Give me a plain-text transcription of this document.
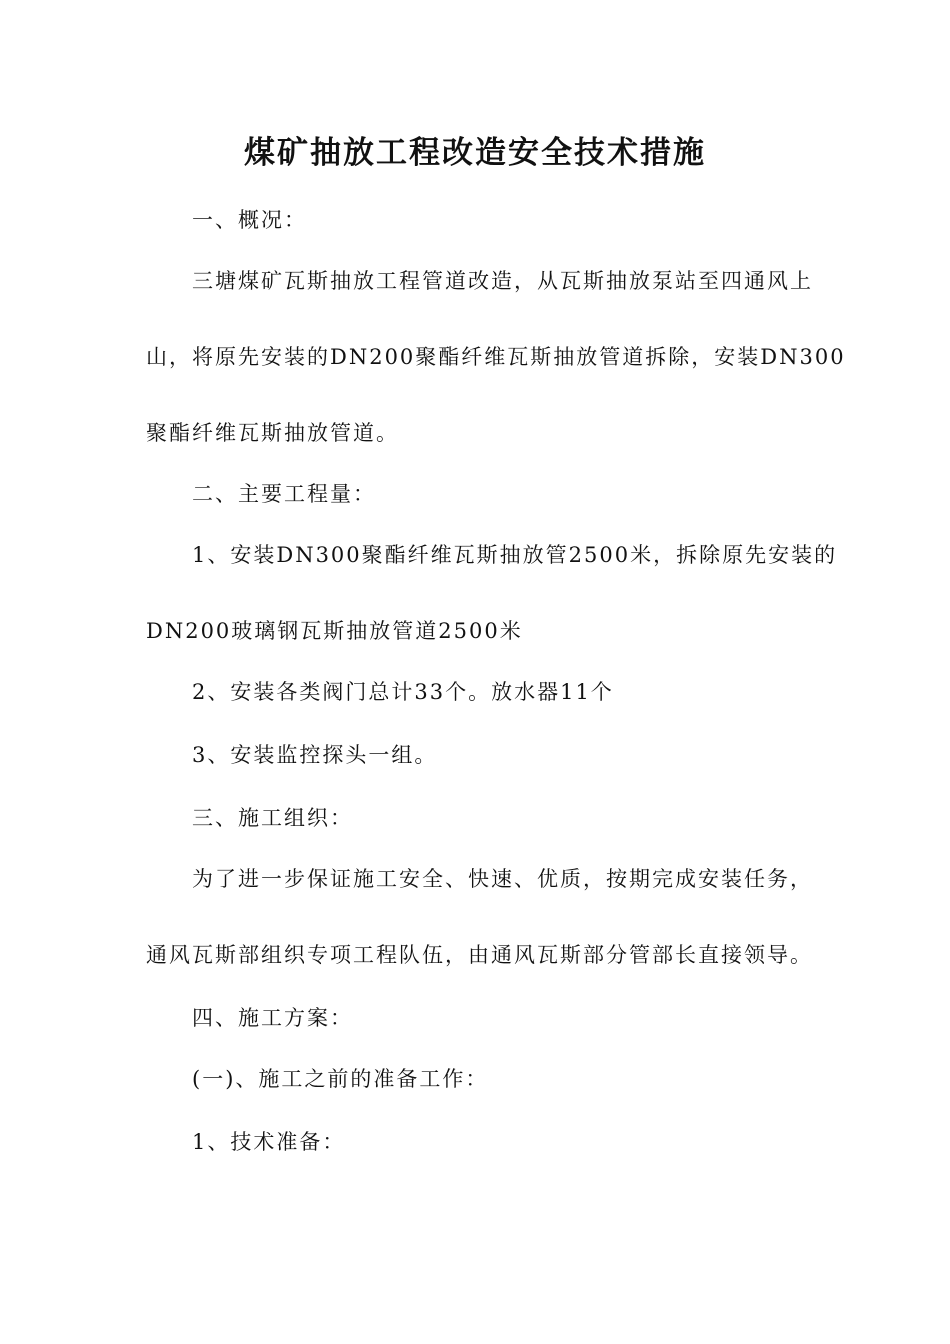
煤矿抽放工程改造安全技术措施
一、概况：
三塘煤矿瓦斯抽放工程管道改造，从瓦斯抽放泵站至四通风上
山，将原先安装的DN200聚酯纤维瓦斯抽放管道拆除，安装DN300
聚酯纤维瓦斯抽放管道。
二、主要工程量：
1、安装DN300聚酯纤维瓦斯抽放管2500米，拆除原先安装的
DN200玻璃钢瓦斯抽放管道2500米
2、安装各类阀门总计33个。放水器11个
3、安装监控探头一组。
三、施工组织：
为了进一步保证施工安全、快速、优质，按期完成安装任务，
通风瓦斯部组织专项工程队伍，由通风瓦斯部分管部长直接领导。
四、施工方案：
(一)、施工之前的准备工作：
1、技术准备：
